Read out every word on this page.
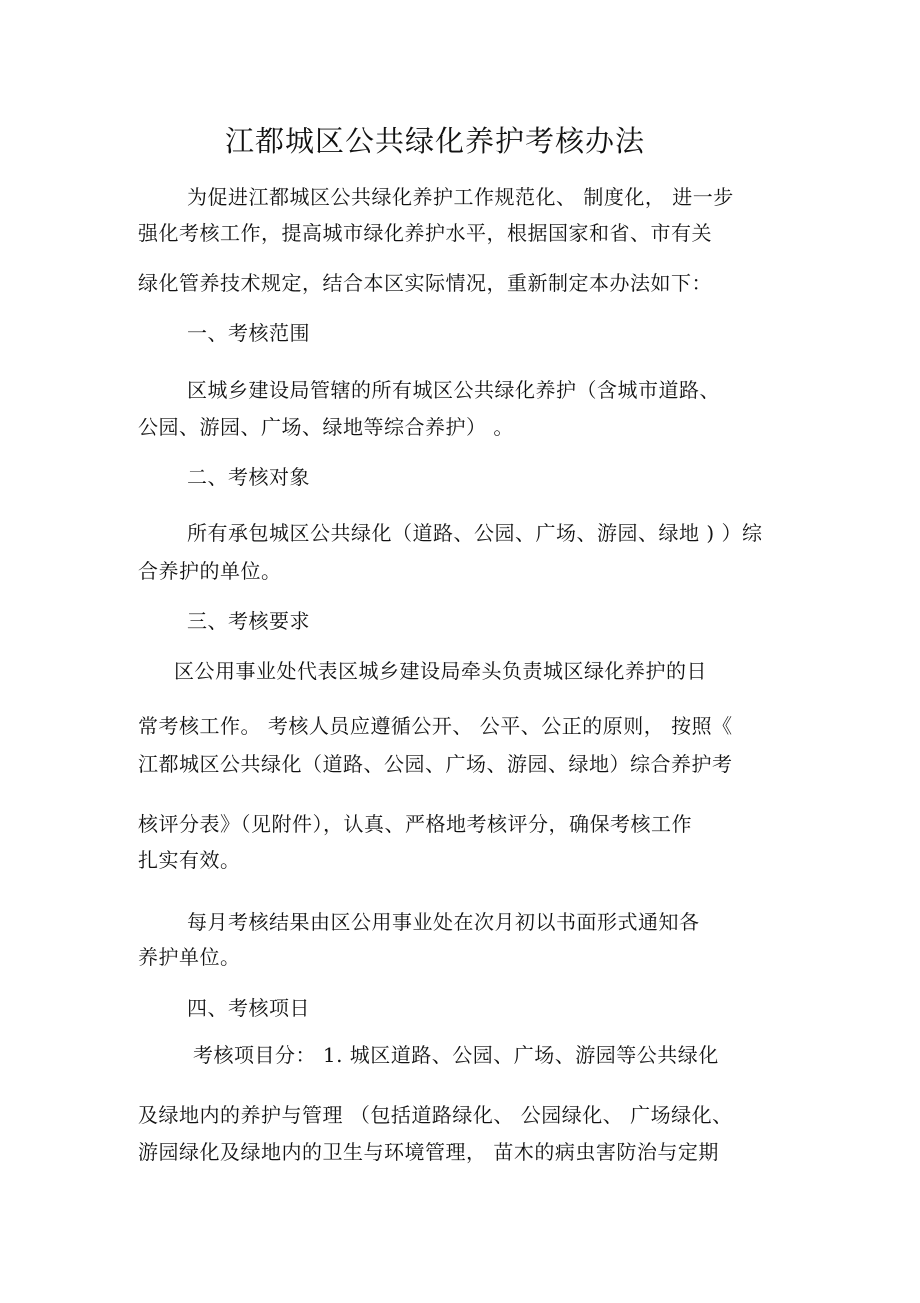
江都城区公共绿化养护考核办法
为促进江都城区公共绿化养护工作规范化、 制度化， 进一步
强化考核工作，提高城市绿化养护水平，根据国家和省、市有关
绿化管养技术规定，结合本区实际情况，重新制定本办法如下：
一、考核范围
区城乡建设局管辖的所有城区公共绿化养护（含城市道路、
公园、游园、广场、绿地等综合养护） 。
二、考核对象
所有承包城区公共绿化（道路、公园、广场、游园、绿地 ) ）综
合养护的单位。
三、考核要求
区公用事业处代表区城乡建设局牵头负责城区绿化养护的日
常考核工作。 考核人员应遵循公开、 公平、公正的原则， 按照《
江都城区公共绿化（道路、公园、广场、游园、绿地）综合养护考
核评分表》（见附件），认真、严格地考核评分，确保考核工作
扎实有效。
每月考核结果由区公用事业处在次月初以书面形式通知各
养护单位。
四、考核项日
考核项目分： 1. 城区道路、公园、广场、游园等公共绿化
及绿地内的养护与管理 （包括道路绿化、 公园绿化、 广场绿化、
游园绿化及绿地内的卫生与环境管理， 苗木的病虫害防治与定期
